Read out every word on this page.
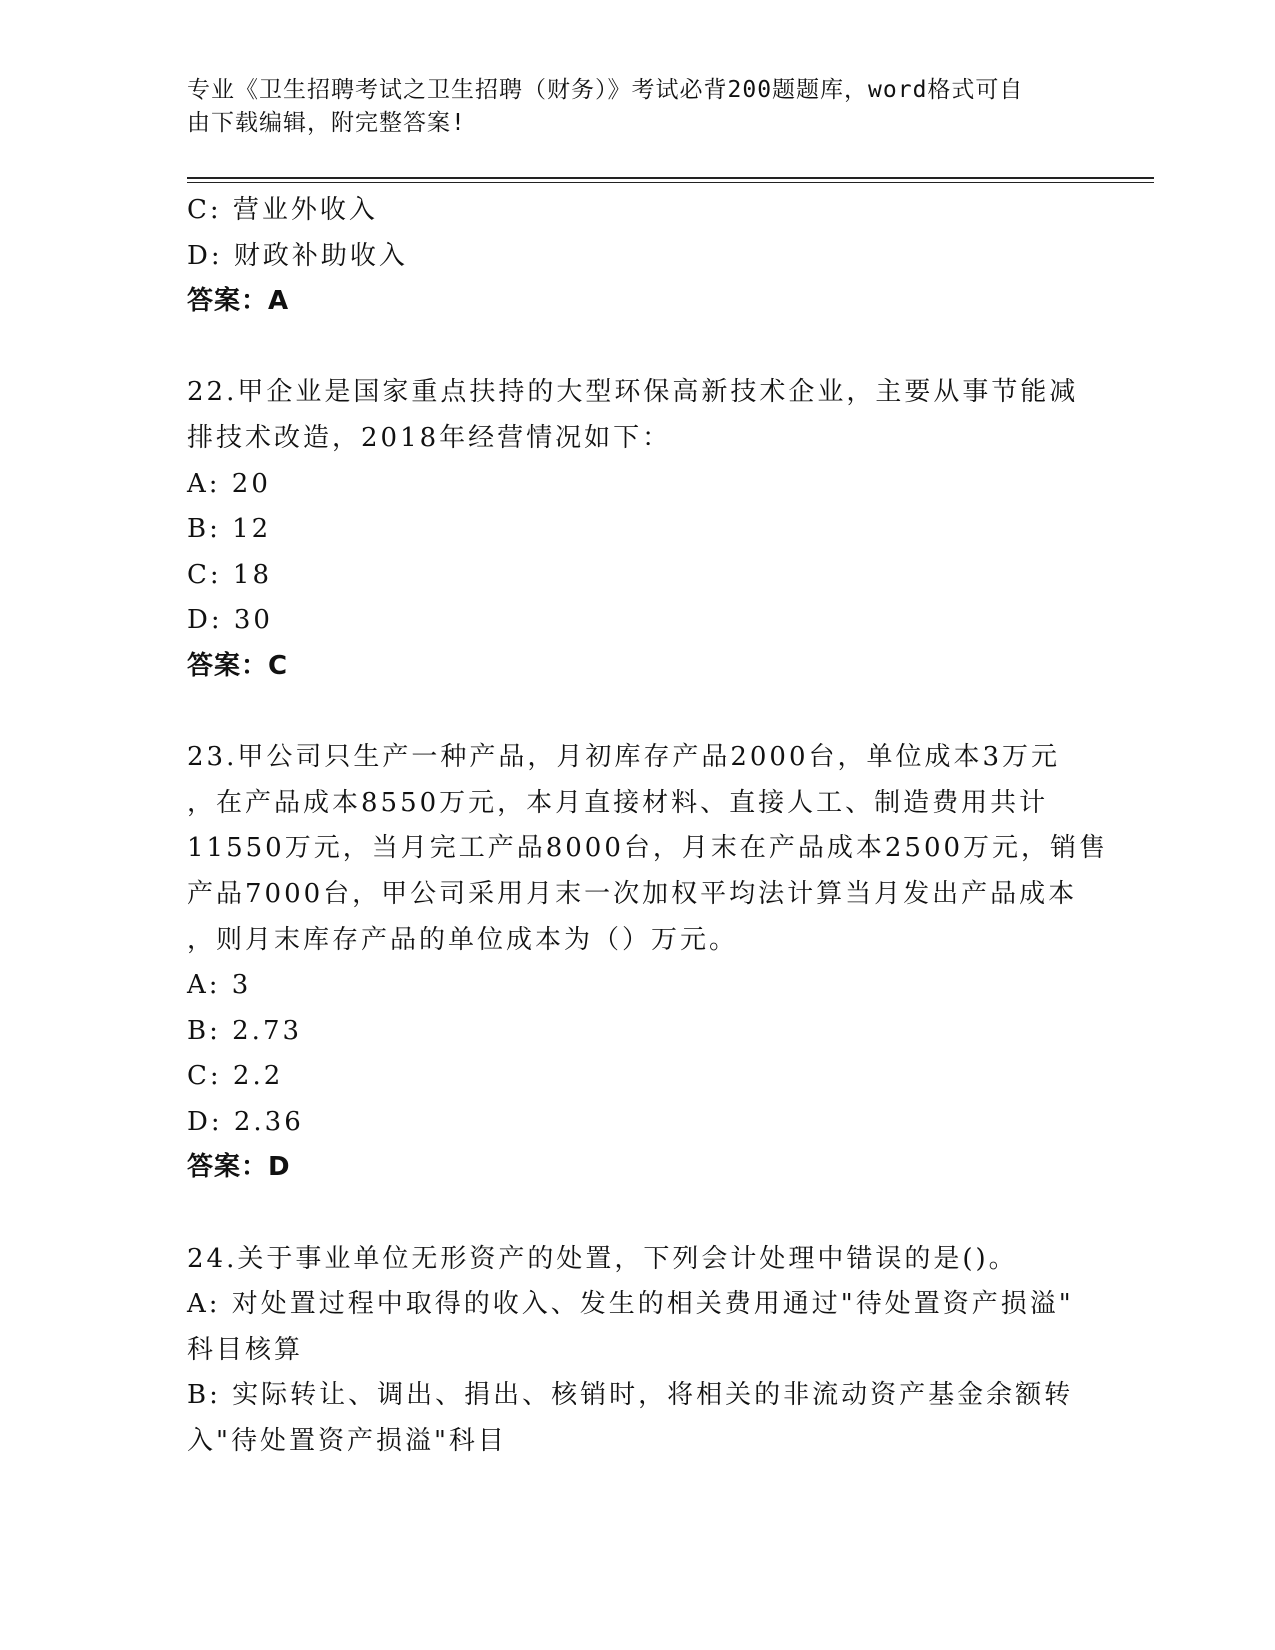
专业《卫生招聘考试之卫生招聘（财务）》考试必背200题题库，word格式可自
由下载编辑，附完整答案!
C: 营业外收入
D: 财政补助收入
答案：A
22.甲企业是国家重点扶持的大型环保高新技术企业，主要从事节能减
排技术改造，2018年经营情况如下：
A: 20
B: 12
C: 18
D: 30
答案：C
23.甲公司只生产一种产品，月初库存产品2000台，单位成本3万元
，在产品成本8550万元，本月直接材料、直接人工、制造费用共计
11550万元，当月完工产品8000台，月末在产品成本2500万元，销售
产品7000台，甲公司采用月末一次加权平均法计算当月发出产品成本
，则月末库存产品的单位成本为（）万元。
A: 3
B: 2.73
C: 2.2
D: 2.36
答案：D
24.关于事业单位无形资产的处置，下列会计处理中错误的是()。
A: 对处置过程中取得的收入、发生的相关费用通过"待处置资产损溢"
科目核算
B: 实际转让、调出、捐出、核销时，将相关的非流动资产基金余额转
入"待处置资产损溢"科目
